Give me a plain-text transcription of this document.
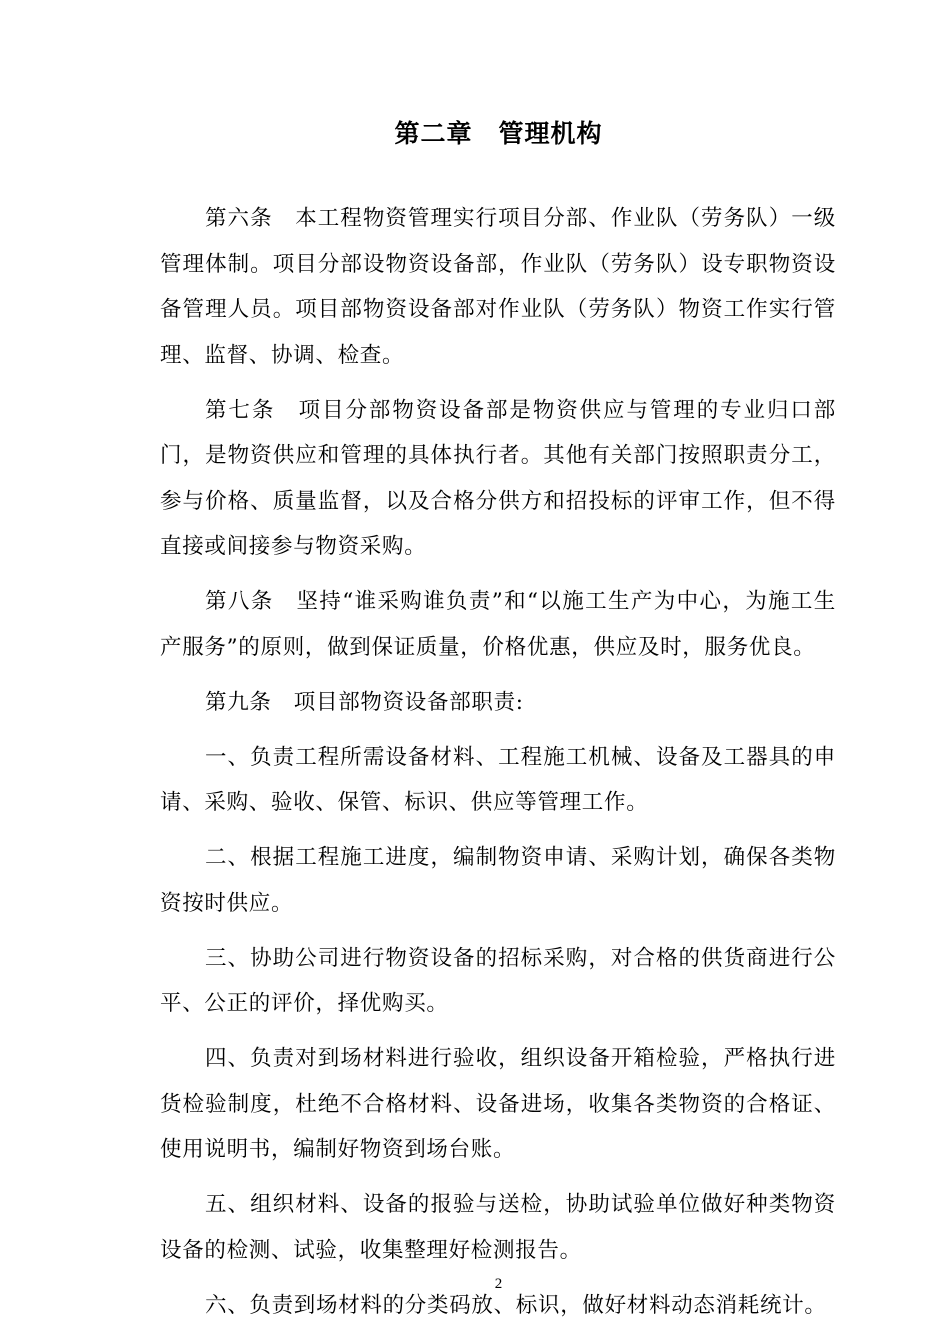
第二章　管理机构

第六条　本工程物资管理实行项目分部、作业队（劳务队）一级管理体制。项目分部设物资设备部，作业队（劳务队）设专职物资设备管理人员。项目部物资设备部对作业队（劳务队）物资工作实行管理、监督、协调、检查。

第七条　项目分部物资设备部是物资供应与管理的专业归口部门，是物资供应和管理的具体执行者。其他有关部门按照职责分工，参与价格、质量监督，以及合格分供方和招投标的评审工作，但不得直接或间接参与物资采购。

第八条　坚持“谁采购谁负责”和“以施工生产为中心，为施工生产服务”的原则，做到保证质量，价格优惠，供应及时，服务优良。

第九条　项目部物资设备部职责:

一、负责工程所需设备材料、工程施工机械、设备及工器具的申请、采购、验收、保管、标识、供应等管理工作。

二、根据工程施工进度，编制物资申请、采购计划，确保各类物资按时供应。

三、协助公司进行物资设备的招标采购，对合格的供货商进行公平、公正的评价，择优购买。

四、负责对到场材料进行验收，组织设备开箱检验，严格执行进货检验制度，杜绝不合格材料、设备进场，收集各类物资的合格证、使用说明书，编制好物资到场台账。

五、组织材料、设备的报验与送检，协助试验单位做好种类物资设备的检测、试验，收集整理好检测报告。

六、负责到场材料的分类码放、标识，做好材料动态消耗统计。

2
